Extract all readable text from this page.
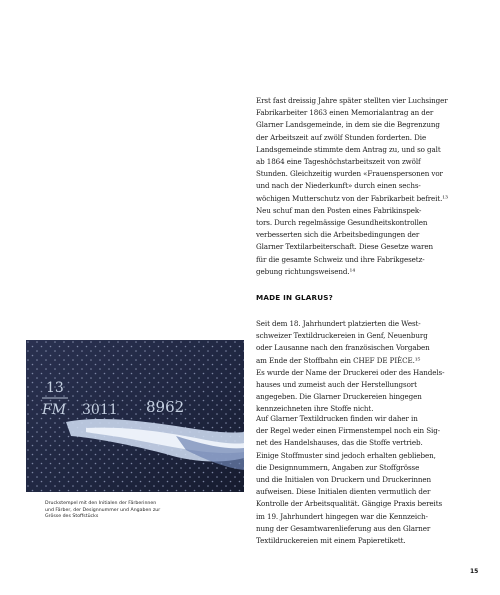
Erst fast dreissig Jahre später stellten vier Luchsinger
Fabrikarbeiter 1863 einen Memorialantrag an der
Glarner Landsgemeinde, in dem sie die Begrenzung
der Arbeitszeit auf zwölf Stunden forderten. Die
Landsgemeinde stimmte dem Antrag zu, und so galt
ab 1864 eine Tageshöchstarbeitszeit von zwölf
Stunden. Gleichzeitig wurden «Frauenspersonen vor
und nach der Niederkunft» durch einen sechs-
wöchigen Mutterschutz von der Fabrikarbeit befreit.¹³
Neu schuf man den Posten eines Fabrikinspek-
tors. Durch regelmässige Gesundheitskontrollen
verbesserten sich die Arbeitsbedingungen der
Glarner Textilarbeiterschaft. Diese Gesetze waren
für die gesamte Schweiz und ihre Fabrikgesetz-
gebung richtungsweisend.¹⁴
MADE IN GLARUS?
Seit dem 18. Jahrhundert platzierten die West-
schweizer Textildruckereien in Genf, Neuenburg
oder Lausanne nach den französischen Vorgaben
am Ende der Stoffbahn ein CHEF DE PIÈCE.¹⁵
Es wurde der Name der Druckerei oder des Handels-
hauses und zumeist auch der Herstellungsort
angegeben. Die Glarner Druckereien hingegen
kennzeichneten ihre Stoffe nicht.
Auf Glarner Textildrucken finden wir daher in
der Regel weder einen Firmenstempel noch ein Sig-
net des Handelshauses, das die Stoffe vertrieb.
Einige Stoffmuster sind jedoch erhalten geblieben,
die Designnummern, Angaben zur Stoffgrösse
und die Initialen von Druckern und Druckerinnen
aufweisen. Diese Initialen dienten vermutlich der
Kontrolle der Arbeitsqualität. Gängige Praxis bereits
im 19. Jahrhundert hingegen war die Kennzeich-
nung der Gesamtwarenlieferung aus den Glarner
Textildruckereien mit einem Papieretikett.
13
FM 3011 8962
Druckstempel mit den Initialen der Färberinnen
und Färber, der Designnummer und Angaben zur
Grösse des Stoffstücks
15
